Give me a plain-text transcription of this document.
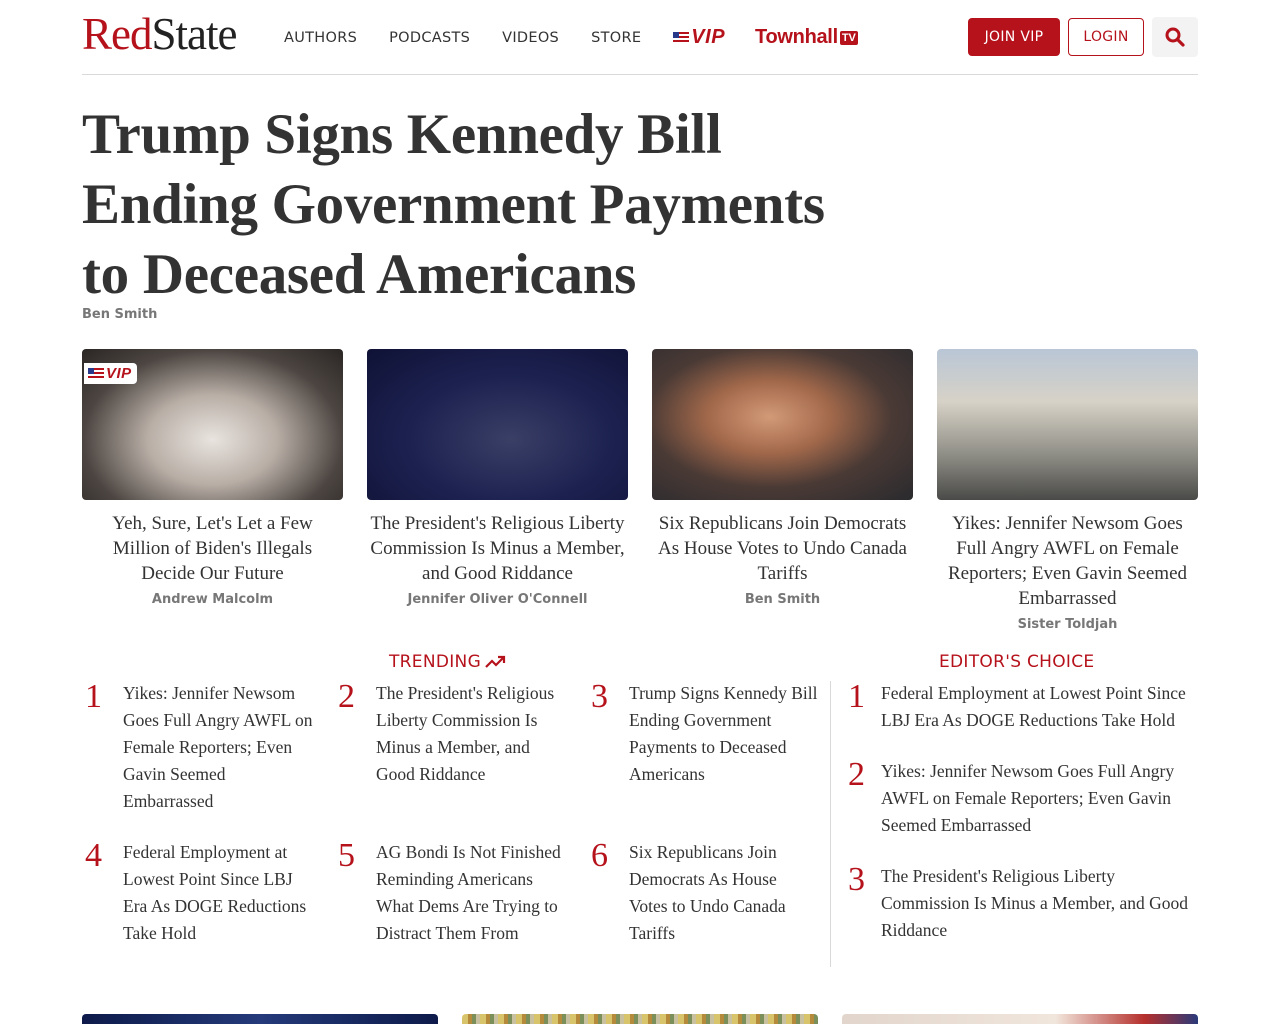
RedState	AUTHORS PODCASTS VIDEOS STORE	VIP Townhall TV	JOIN VIP	LOGIN
Trump Signs Kennedy Bill Ending Government Payments to Deceased Americans
Ben Smith
VIP
Yeh, Sure, Let's Let a Few Million of Biden's Illegals Decide Our Future
Andrew Malcolm
The President's Religious Liberty Commission Is Minus a Member, and Good Riddance
Jennifer Oliver O'Connell
Six Republicans Join Democrats As House Votes to Undo Canada Tariffs
Ben Smith
Yikes: Jennifer Newsom Goes Full Angry AWFL on Female Reporters; Even Gavin Seemed Embarrassed
Sister Toldjah
TRENDING
1 Yikes: Jennifer Newsom Goes Full Angry AWFL on Female Reporters; Even Gavin Seemed Embarrassed
2 The President's Religious Liberty Commission Is Minus a Member, and Good Riddance
3 Trump Signs Kennedy Bill Ending Government Payments to Deceased Americans
4 Federal Employment at Lowest Point Since LBJ Era As DOGE Reductions Take Hold
5 AG Bondi Is Not Finished Reminding Americans What Dems Are Trying to Distract Them From
6 Six Republicans Join Democrats As House Votes to Undo Canada Tariffs
EDITOR'S CHOICE
1 Federal Employment at Lowest Point Since LBJ Era As DOGE Reductions Take Hold
2 Yikes: Jennifer Newsom Goes Full Angry AWFL on Female Reporters; Even Gavin Seemed Embarrassed
3 The President's Religious Liberty Commission Is Minus a Member, and Good Riddance
